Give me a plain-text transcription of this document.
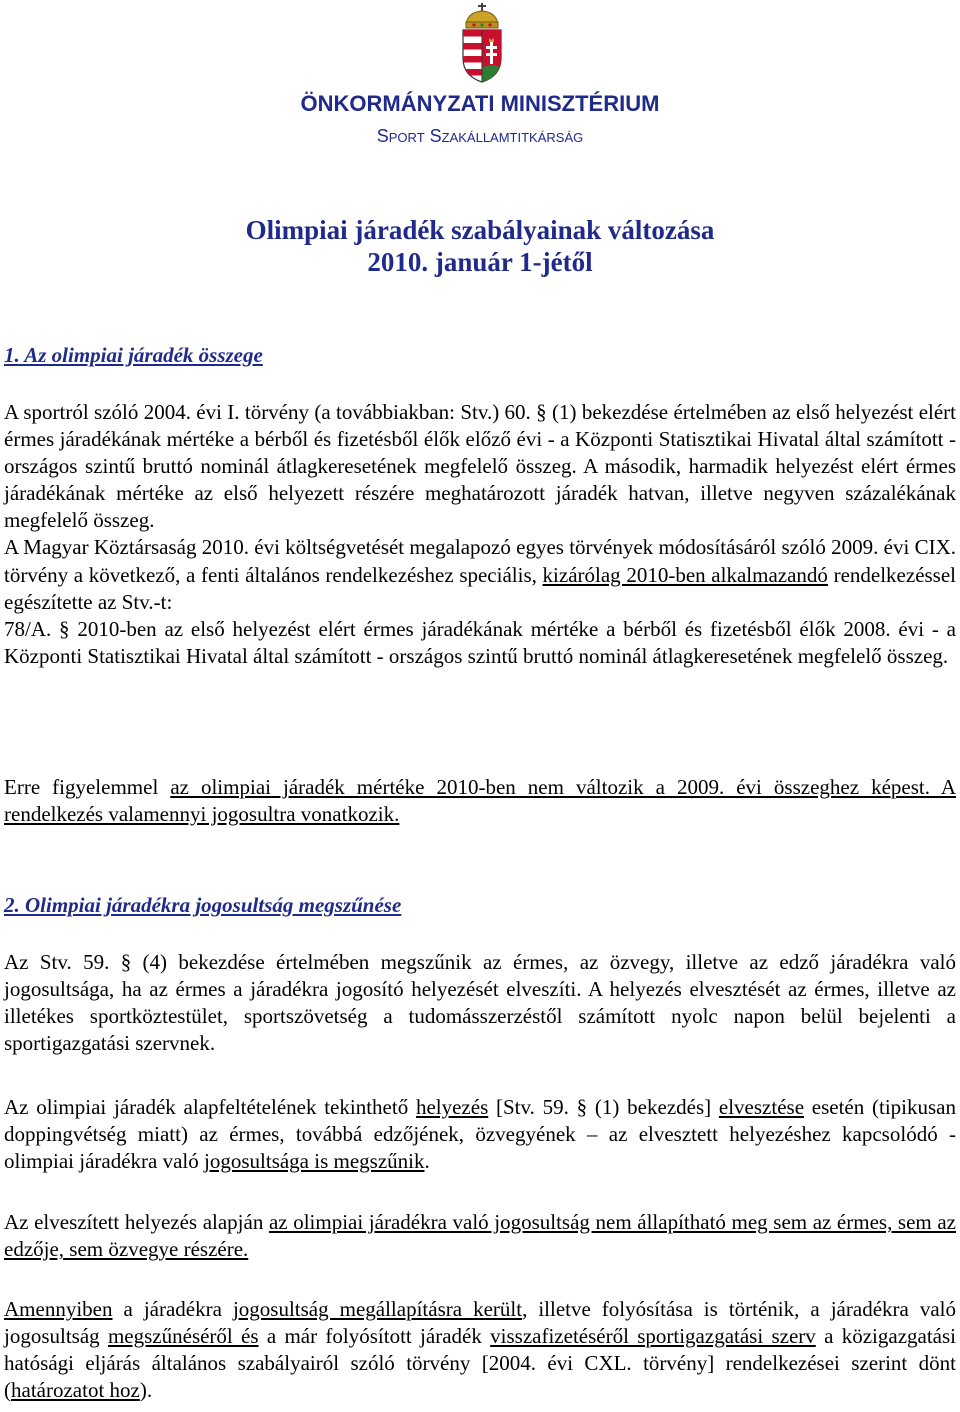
ÖNKORMÁNYZATI MINISZTÉRIUM
Sport Szakállamtitkárság
Olimpiai járadék szabályainak változása
2010. január 1-jétől
1. Az olimpiai járadék összege
A sportról szóló 2004. évi I. törvény (a továbbiakban: Stv.) 60. § (1) bekezdése értelmében az első helyezést elért érmes járadékának mértéke a bérből és fizetésből élők előző évi - a Központi Statisztikai Hivatal által számított - országos szintű bruttó nominál átlagkeresetének megfelelő összeg. A második, harmadik helyezést elért érmes járadékának mértéke az első helyezett részére meghatározott járadék hatvan, illetve negyven százalékának megfelelő összeg.
A Magyar Köztársaság 2010. évi költségvetését megalapozó egyes törvények módosításáról szóló 2009. évi CIX. törvény a következő, a fenti általános rendelkezéshez speciális, kizárólag 2010-ben alkalmazandó rendelkezéssel egészítette az Stv.-t:
78/A. § 2010-ben az első helyezést elért érmes járadékának mértéke a bérből és fizetésből élők 2008. évi - a Központi Statisztikai Hivatal által számított - országos szintű bruttó nominál átlagkeresetének megfelelő összeg.
Erre figyelemmel az olimpiai járadék mértéke 2010-ben nem változik a 2009. évi összeghez képest. A rendelkezés valamennyi jogosultra vonatkozik.
2. Olimpiai járadékra jogosultság megszűnése
Az Stv. 59. § (4) bekezdése értelmében megszűnik az érmes, az özvegy, illetve az edző járadékra való jogosultsága, ha az érmes a járadékra jogosító helyezését elveszíti. A helyezés elvesztését az érmes, illetve az illetékes sportköztestület, sportszövetség a tudomásszerzéstől számított nyolc napon belül bejelenti a sportigazgatási szervnek.
Az olimpiai járadék alapfeltételének tekinthető helyezés [Stv. 59. § (1) bekezdés] elvesztése esetén (tipikusan doppingvétség miatt) az érmes, továbbá edzőjének, özvegyének – az elvesztett helyezéshez kapcsolódó - olimpiai járadékra való jogosultsága is megszűnik.
Az elveszített helyezés alapján az olimpiai járadékra való jogosultság nem állapítható meg sem az érmes, sem az edzője, sem özvegye részére.
Amennyiben a járadékra jogosultság megállapításra került, illetve folyósítása is történik, a járadékra való jogosultság megszűnéséről és a már folyósított járadék visszafizetéséről sportigazgatási szerv a közigazgatási hatósági eljárás általános szabályairól szóló törvény [2004. évi CXL. törvény] rendelkezései szerint dönt (határozatot hoz).
